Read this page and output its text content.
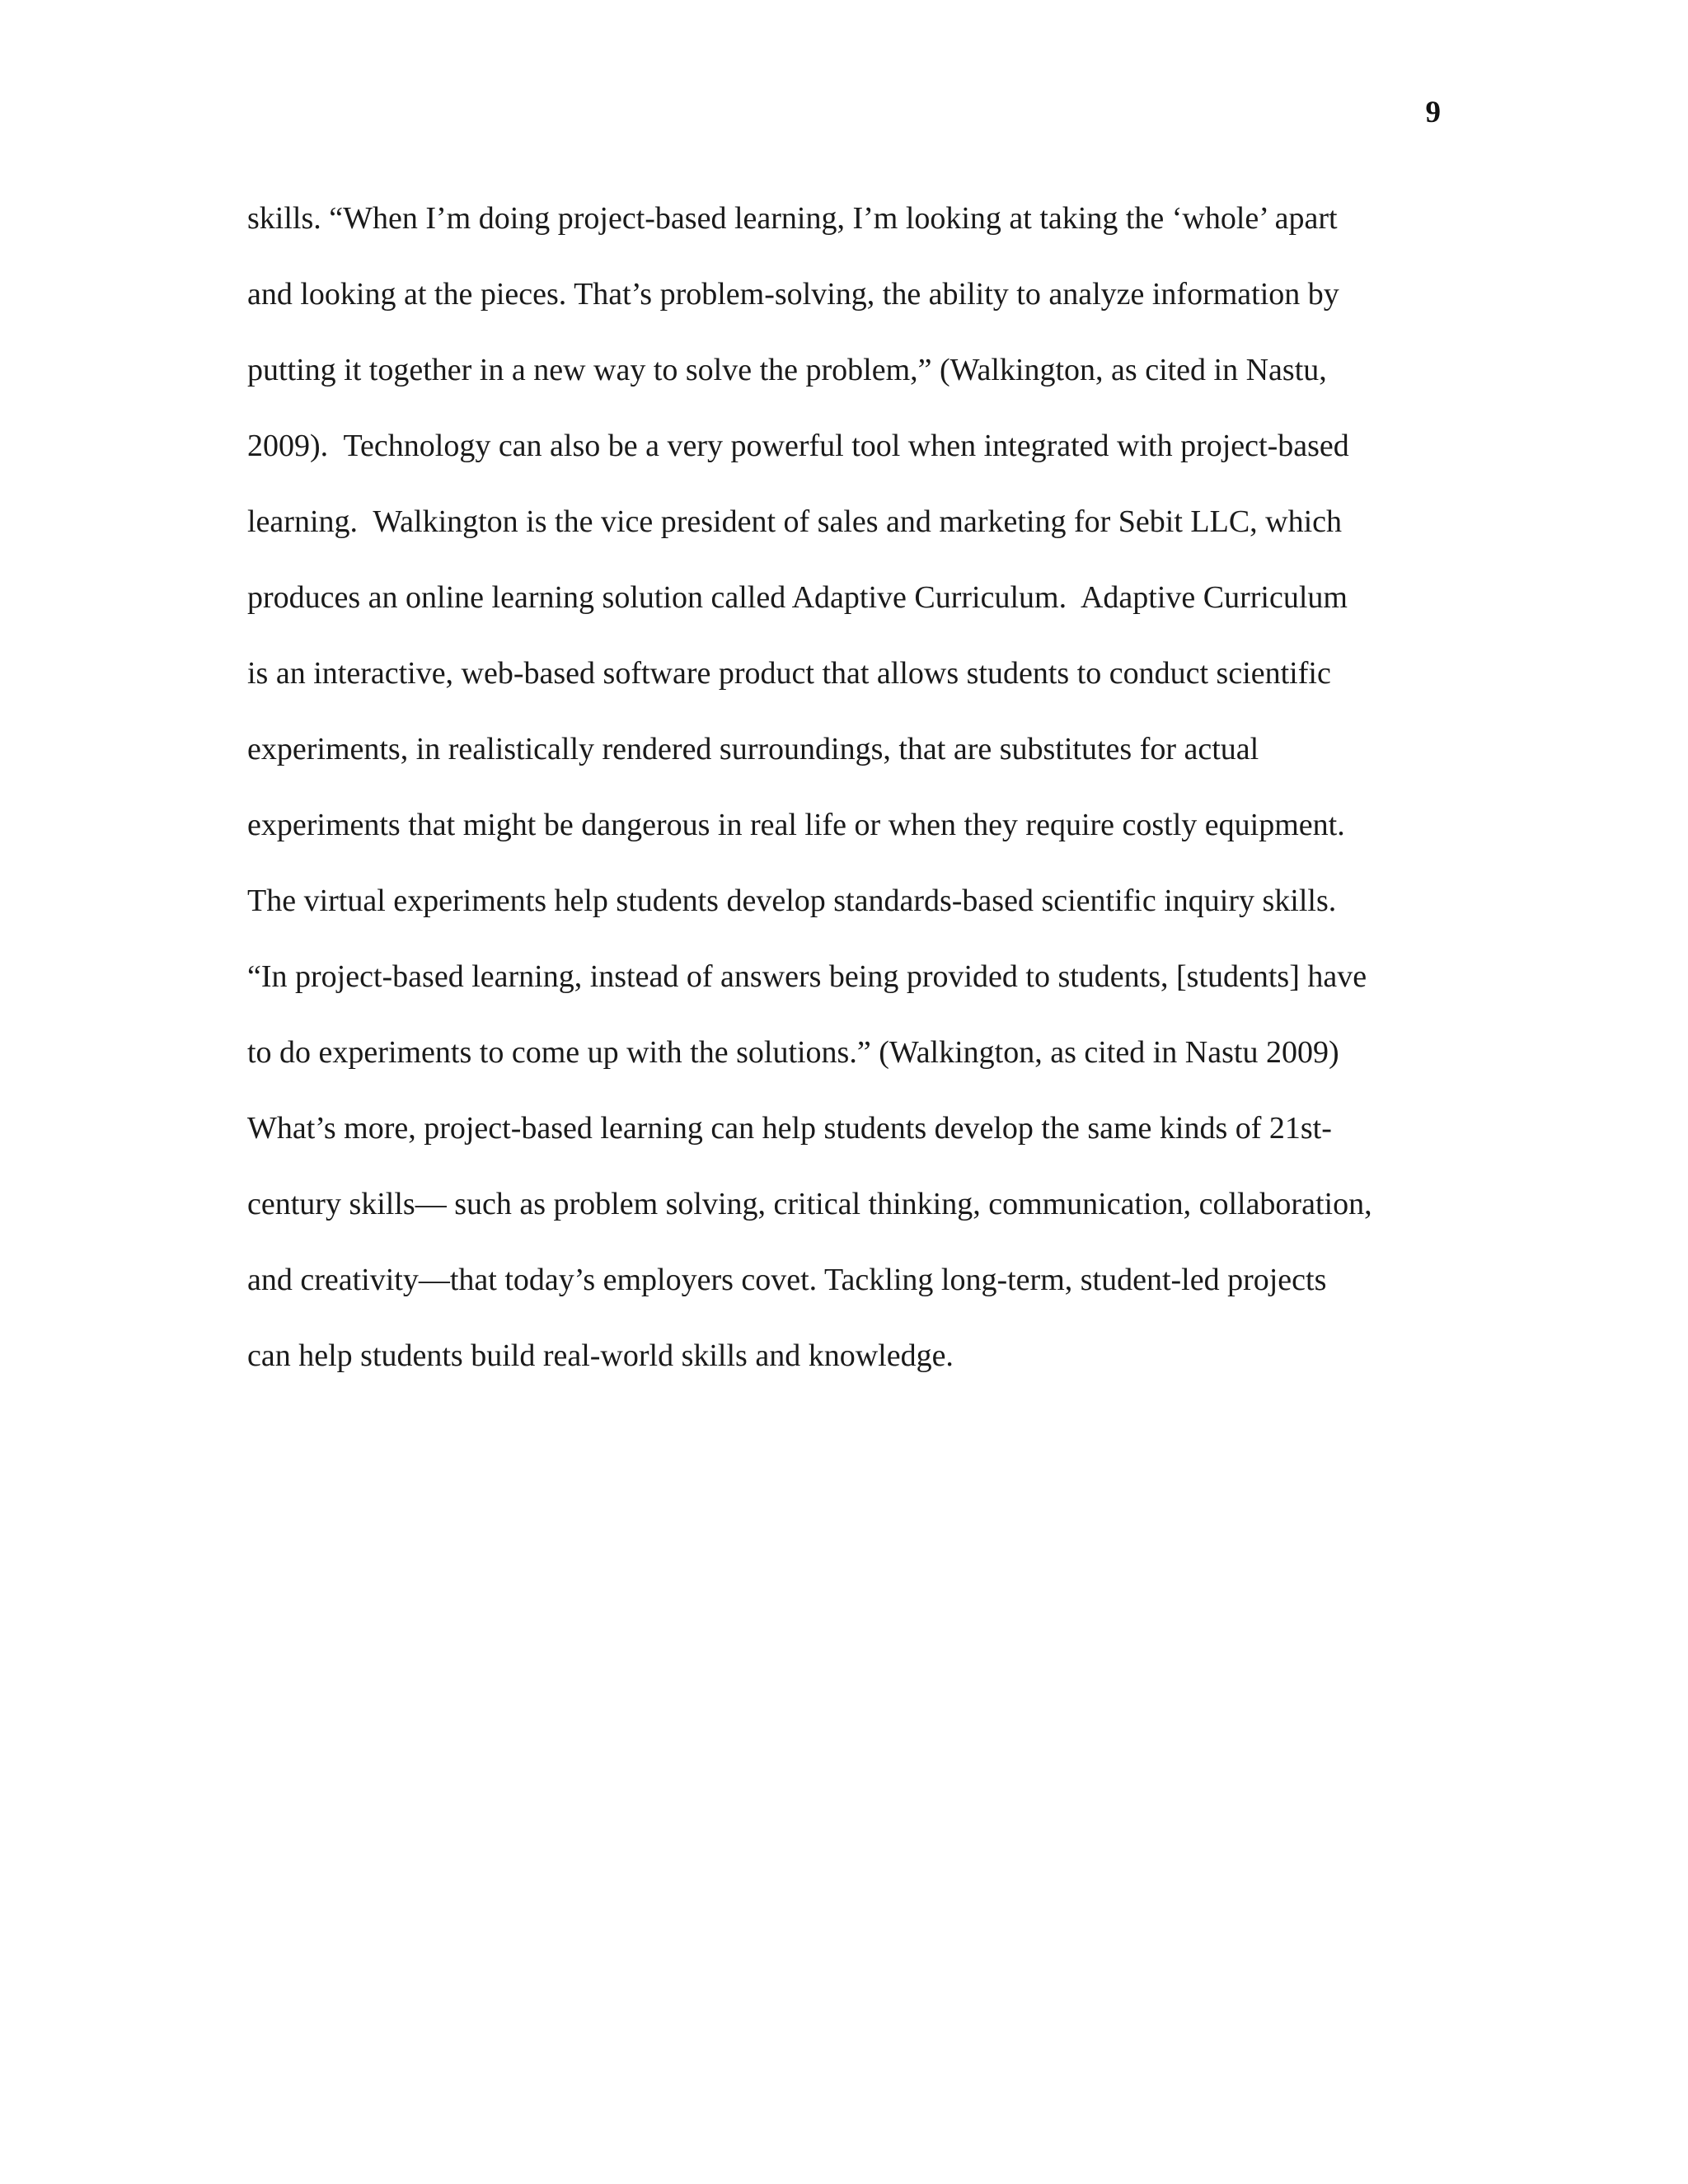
9
skills. “When I’m doing project-based learning, I’m looking at taking the ‘whole’ apart
and looking at the pieces. That’s problem-solving, the ability to analyze information by
putting it together in a new way to solve the problem,” (Walkington, as cited in Nastu,
2009).  Technology can also be a very powerful tool when integrated with project-based
learning.  Walkington is the vice president of sales and marketing for Sebit LLC, which
produces an online learning solution called Adaptive Curriculum.  Adaptive Curriculum
is an interactive, web-based software product that allows students to conduct scientific
experiments, in realistically rendered surroundings, that are substitutes for actual
experiments that might be dangerous in real life or when they require costly equipment.
The virtual experiments help students develop standards-based scientific inquiry skills.
“In project-based learning, instead of answers being provided to students, [students] have
to do experiments to come up with the solutions.” (Walkington, as cited in Nastu 2009)
What’s more, project-based learning can help students develop the same kinds of 21st-
century skills— such as problem solving, critical thinking, communication, collaboration,
and creativity—that today’s employers covet. Tackling long-term, student-led projects
can help students build real-world skills and knowledge.
